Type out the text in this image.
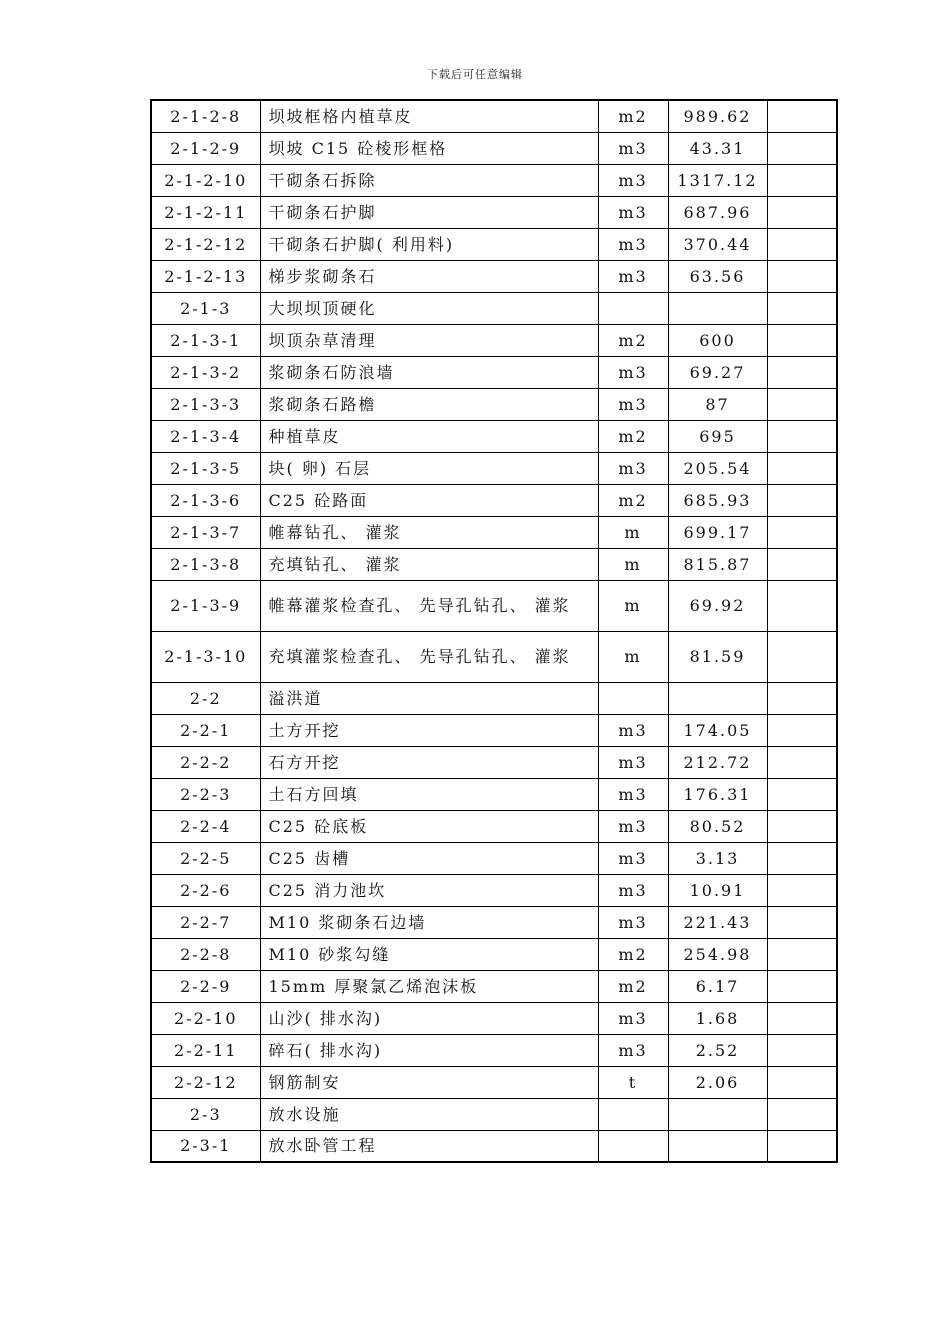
下载后可任意编辑
2-1-2-8	坝坡框格内植草皮	m2	989.62	
2-1-2-9	坝坡 C15 砼棱形框格	m3	43.31	
2-1-2-10	干砌条石拆除	m3	1317.12	
2-1-2-11	干砌条石护脚	m3	687.96	
2-1-2-12	干砌条石护脚( 利用料)	m3	370.44	
2-1-2-13	梯步浆砌条石	m3	63.56	
2-1-3	大坝坝顶硬化			
2-1-3-1	坝顶杂草清理	m2	600	
2-1-3-2	浆砌条石防浪墙	m3	69.27	
2-1-3-3	浆砌条石路檐	m3	87	
2-1-3-4	种植草皮	m2	695	
2-1-3-5	块( 卵) 石层	m3	205.54	
2-1-3-6	C25 砼路面	m2	685.93	
2-1-3-7	帷幕钻孔、 灌浆	m	699.17	
2-1-3-8	充填钻孔、 灌浆	m	815.87	
2-1-3-9	帷幕灌浆检查孔、 先导孔钻孔、 灌浆	m	69.92	
2-1-3-10	充填灌浆检查孔、 先导孔钻孔、 灌浆	m	81.59	
2-2	溢洪道			
2-2-1	土方开挖	m3	174.05	
2-2-2	石方开挖	m3	212.72	
2-2-3	土石方回填	m3	176.31	
2-2-4	C25 砼底板	m3	80.52	
2-2-5	C25 齿槽	m3	3.13	
2-2-6	C25 消力池坎	m3	10.91	
2-2-7	M10 浆砌条石边墙	m3	221.43	
2-2-8	M10 砂浆勾缝	m2	254.98	
2-2-9	15mm 厚聚氯乙烯泡沫板	m2	6.17	
2-2-10	山沙( 排水沟)	m3	1.68	
2-2-11	碎石( 排水沟)	m3	2.52	
2-2-12	钢筋制安	t	2.06	
2-3	放水设施			
2-3-1	放水卧管工程			
